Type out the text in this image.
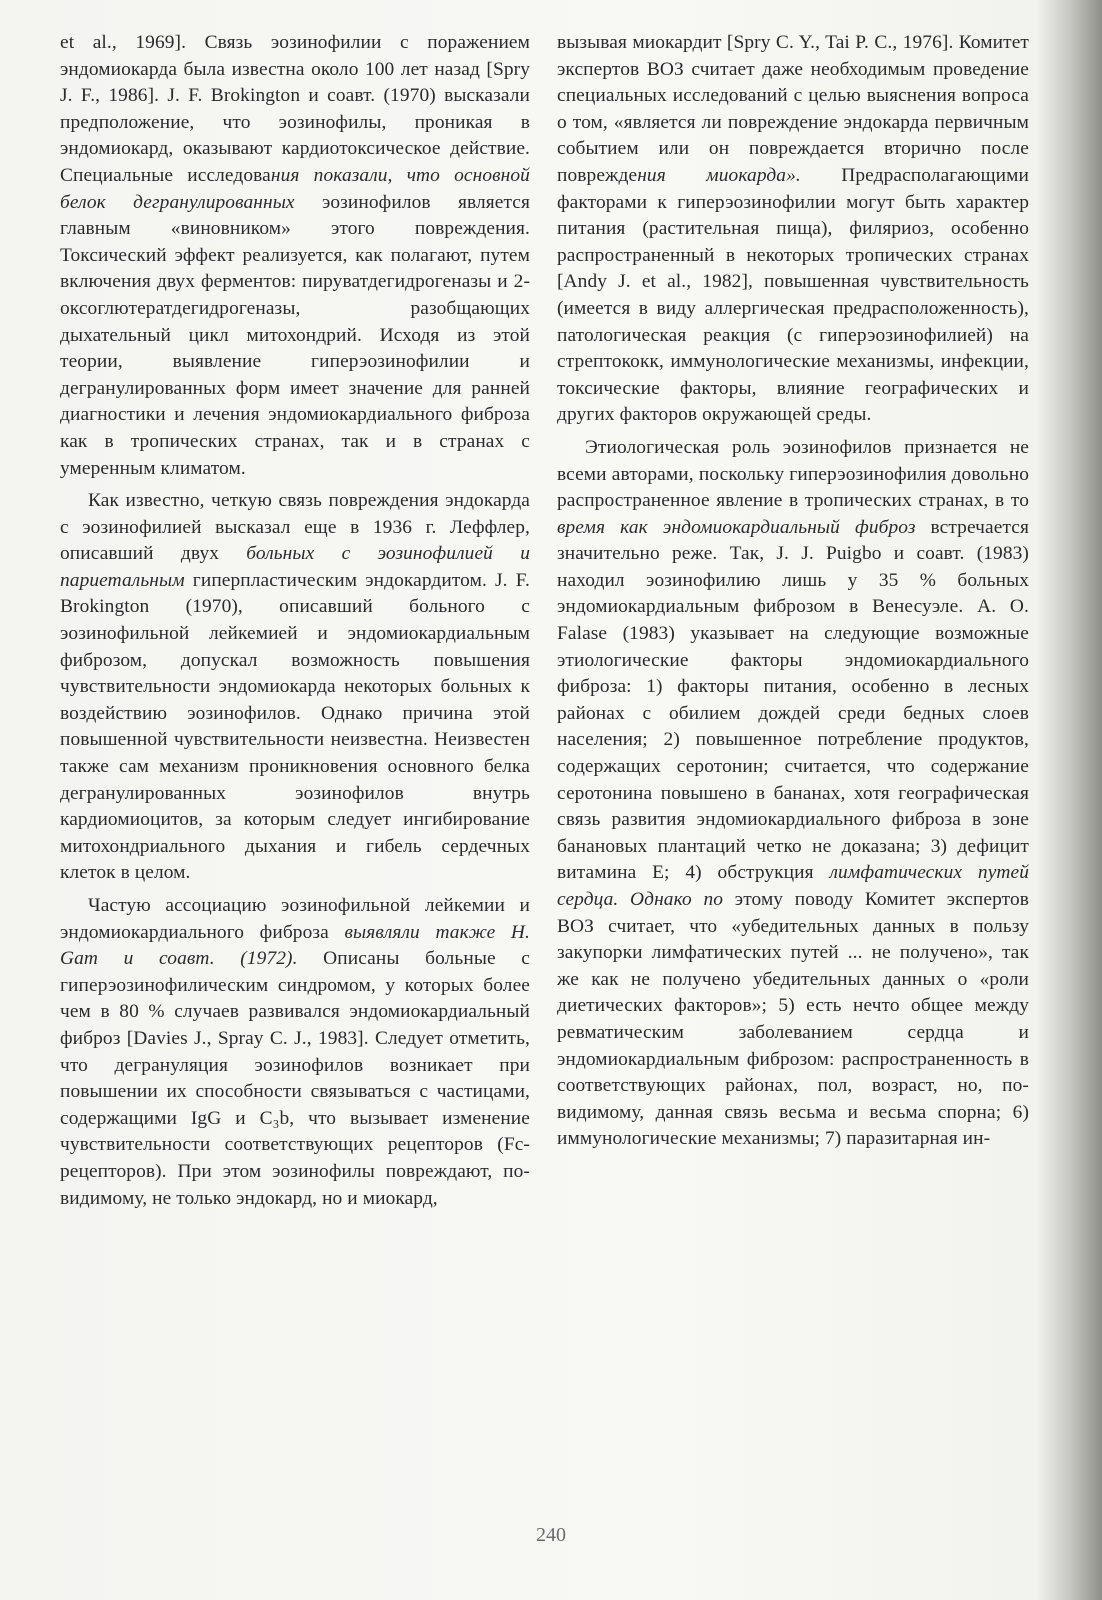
et al., 1969]. Связь эозинофилии с поражением эндомиокарда была известна около 100 лет назад [Spry J. F., 1986]. J. F. Brokington и соавт. (1970) высказали предположение, что эозинофилы, проникая в эндомиокард, оказывают кардиотоксическое действие. Специальные исследования показали, что основной белок дегранулированных эозинофилов является главным «виновником» этого повреждения. Токсический эффект реализуется, как полагают, путем включения двух ферментов: пируватдегидрогеназы и 2-оксоглютератдегидрогеназы, разобщающих дыхательный цикл митохондрий. Исходя из этой теории, выявление гиперэозинофилии и дегранулированных форм имеет значение для ранней диагностики и лечения эндомиокардиального фиброза как в тропических странах, так и в странах с умеренным климатом.

Как известно, четкую связь повреждения эндокарда с эозинофилией высказал еще в 1936 г. Леффлер, описавший двух больных с эозинофилией и париетальным гиперпластическим эндокардитом. J. F. Brokington (1970), описавший больного с эозинофильной лейкемией и эндомиокардиальным фиброзом, допускал возможность повышения чувствительности эндомиокарда некоторых больных к воздействию эозинофилов. Однако причина этой повышенной чувствительности неизвестна. Неизвестен также сам механизм проникновения основного белка дегранулированных эозинофилов внутрь кардиомиоцитов, за которым следует ингибирование митохондриального дыхания и гибель сердечных клеток в целом.

Частую ассоциацию эозинофильной лейкемии и эндомиокардиального фиброза выявляли также H. Gam и соавт. (1972). Описаны больные с гиперэозинофилическим синдромом, у которых более чем в 80 % случаев развивался эндомиокардиальный фиброз [Davies J., Spray C. J., 1983]. Следует отметить, что дегрануляция эозинофилов возникает при повышении их способности связываться с частицами, содержащими IgG и C₃b, что вызывает изменение чувствительности соответствующих рецепторов (Fc-рецепторов). При этом эозинофилы повреждают, по-видимому, не только эндокард, но и миокард,

вызывая миокардит [Spry C. Y., Tai P. C., 1976]. Комитет экспертов ВОЗ считает даже необходимым проведение специальных исследований с целью выяснения вопроса о том, «является ли повреждение эндокарда первичным событием или он повреждается вторично после повреждения миокарда». Предрасполагающими факторами к гиперэозинофилии могут быть характер питания (растительная пища), филяриоз, особенно распространенный в некоторых тропических странах [Andy J. et al., 1982], повышенная чувствительность (имеется в виду аллергическая предрасположенность), патологическая реакция (с гиперэозинофилией) на стрептококк, иммунологические механизмы, инфекции, токсические факторы, влияние географических и других факторов окружающей среды.

Этиологическая роль эозинофилов признается не всеми авторами, поскольку гиперэозинофилия довольно распространенное явление в тропических странах, в то время как эндомиокардиальный фиброз встречается значительно реже. Так, J. J. Puigbo и соавт. (1983) находил эозинофилию лишь у 35 % больных эндомиокардиальным фиброзом в Венесуэле. A. O. Falase (1983) указывает на следующие возможные этиологические факторы эндомиокардиального фиброза: 1) факторы питания, особенно в лесных районах с обилием дождей среди бедных слоев населения; 2) повышенное потребление продуктов, содержащих серотонин; считается, что содержание серотонина повышено в бананах, хотя географическая связь развития эндомиокардиального фиброза в зоне банановых плантаций четко не доказана; 3) дефицит витамина E; 4) обструкция лимфатических путей сердца. Однако по этому поводу Комитет экспертов ВОЗ считает, что «убедительных данных в пользу закупорки лимфатических путей ... не получено», так же как не получено убедительных данных о «роли диетических факторов»; 5) есть нечто общее между ревматическим заболеванием сердца и эндомиокардиальным фиброзом: распространенность в соответствующих районах, пол, возраст, но, по-видимому, данная связь весьма и весьма спорна; 6) иммунологические механизмы; 7) паразитарная ин-

240
